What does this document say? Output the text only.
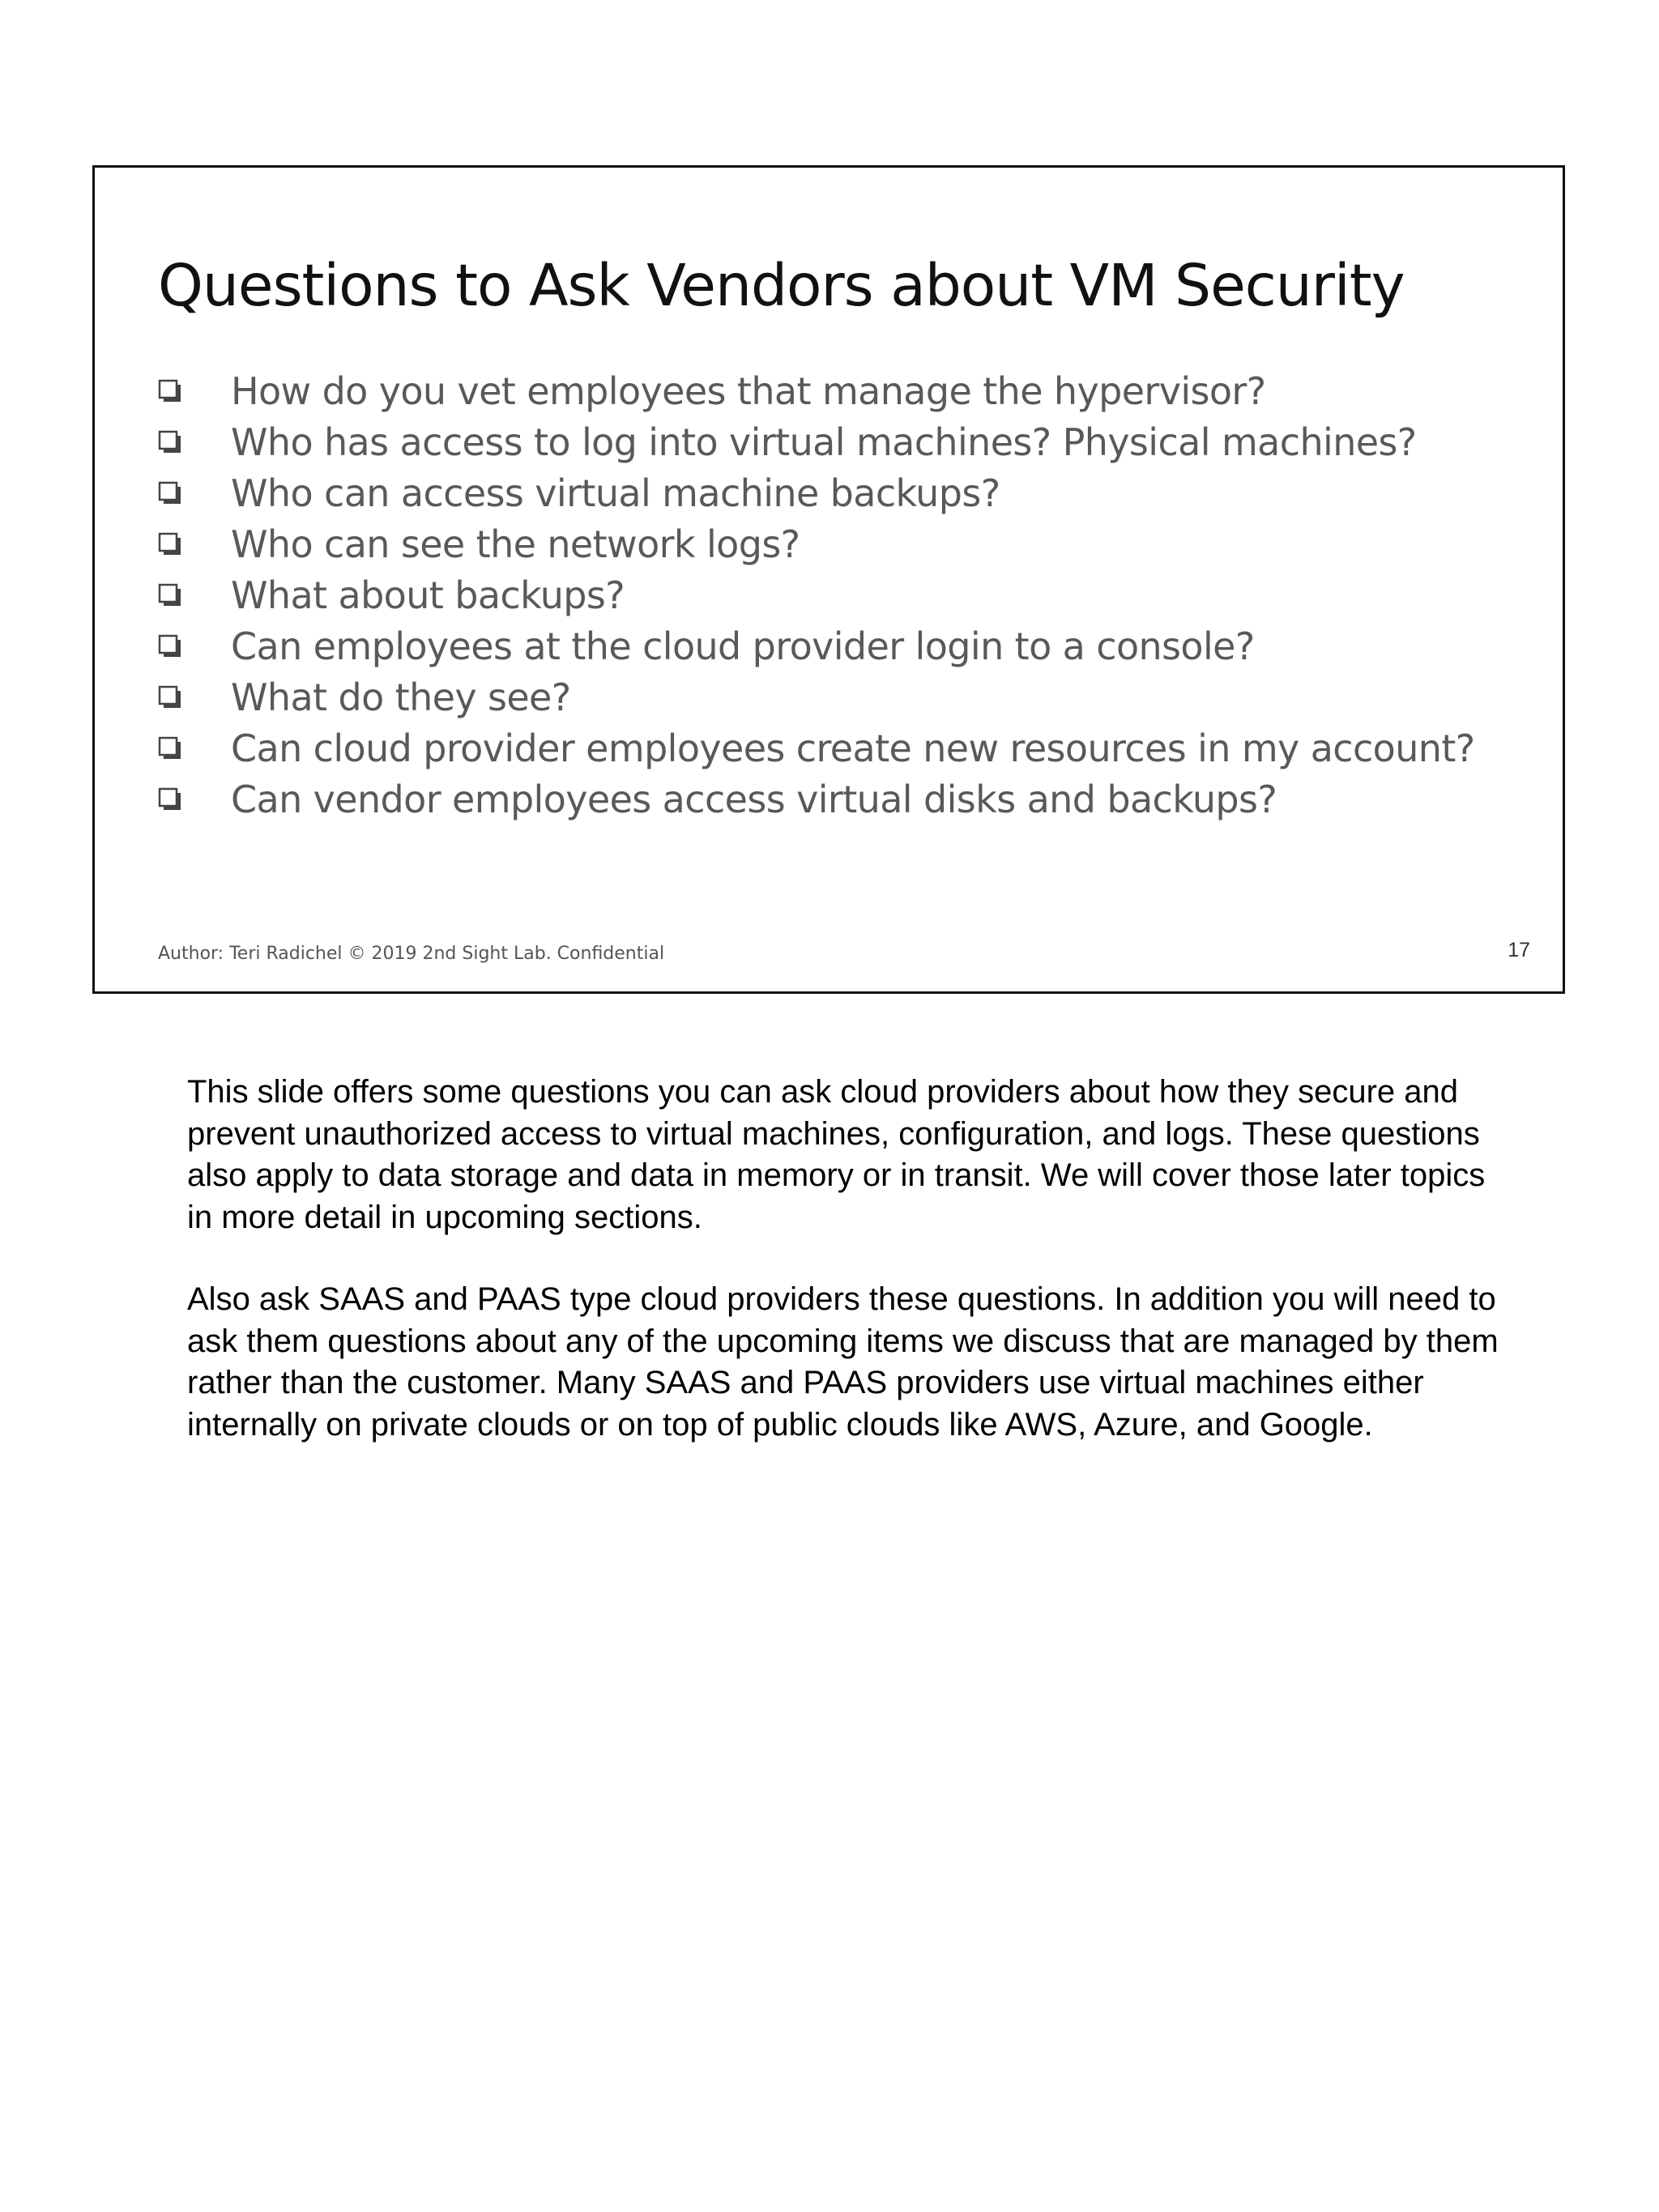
Questions to Ask Vendors about VM Security
How do you vet employees that manage the hypervisor?
Who has access to log into virtual machines? Physical machines?
Who can access virtual machine backups?
Who can see the network logs?
What about backups?
Can employees at the cloud provider login to a console?
What do they see?
Can cloud provider employees create new resources in my account?
Can vendor employees access virtual disks and backups?
Author: Teri Radichel © 2019 2nd Sight Lab. Confidential	17

This slide offers some questions you can ask cloud providers about how they secure and prevent unauthorized access to virtual machines, configuration, and logs. These questions also apply to data storage and data in memory or in transit. We will cover those later topics in more detail in upcoming sections.

Also ask SAAS and PAAS type cloud providers these questions. In addition you will need to ask them questions about any of the upcoming items we discuss that are managed by them rather than the customer. Many SAAS and PAAS providers use virtual machines either internally on private clouds or on top of public clouds like AWS, Azure, and Google.
